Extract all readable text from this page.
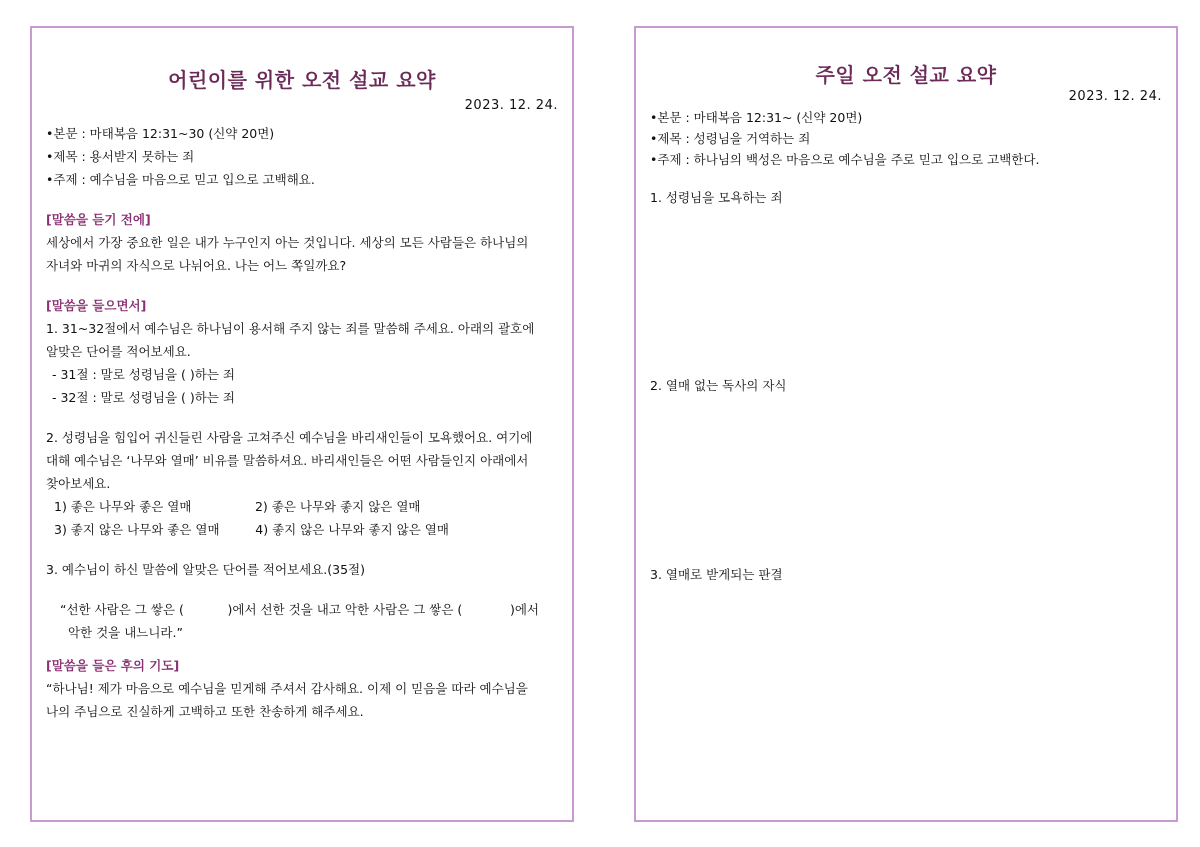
어린이를 위한 오전 설교 요약
2023. 12. 24.
•본문 : 마태복음 12:31~30 (신약 20면)
•제목 : 용서받지 못하는 죄
•주제 : 예수님을 마음으로 믿고 입으로 고백해요.
[말씀을 듣기 전에]
세상에서 가장 중요한 일은 내가 누구인지 아는 것입니다. 세상의 모든 사람들은 하나님의
자녀와 마귀의 자식으로 나뉘어요. 나는 어느 쪽일까요?
[말씀을 들으면서]
1. 31~32절에서 예수님은 하나님이 용서해 주지 않는 죄를 말씀해 주세요. 아래의 괄호에
알맞은 단어를 적어보세요.
- 31절 : 말로 성령님을 ( )하는 죄
- 32절 : 말로 성령님을 ( )하는 죄
2. 성령님을 힘입어 귀신들린 사람을 고쳐주신 예수님을 바리새인들이 모욕했어요. 여기에
대해 예수님은 ‘나무와 열매’ 비유를 말씀하셔요. 바리새인들은 어떤 사람들인지 아래에서
찾아보세요.
1) 좋은 나무와 좋은 열매                2) 좋은 나무와 좋지 않은 열매
3) 좋지 않은 나무와 좋은 열매         4) 좋지 않은 나무와 좋지 않은 열매
3. 예수님이 하신 말씀에 알맞은 단어를 적어보세요.(35절)
“선한 사람은 그 쌓은 (           )에서 선한 것을 내고 악한 사람은 그 쌓은 (            )에서
악한 것을 내느니라.”
[말씀을 들은 후의 기도]
“하나님! 제가 마음으로 예수님을 믿게해 주셔서 감사해요. 이제 이 믿음을 따라 예수님을
나의 주님으로 진실하게 고백하고 또한 찬송하게 해주세요.
주일 오전 설교 요약
2023. 12. 24.
•본문 : 마태복음 12:31~ (신약 20면)
•제목 : 성령님을 거역하는 죄
•주제 : 하나님의 백성은 마음으로 예수님을 주로 믿고 입으로 고백한다.
1. 성령님을 모욕하는 죄
2. 열매 없는 독사의 자식
3. 열매로 받게되는 판결
